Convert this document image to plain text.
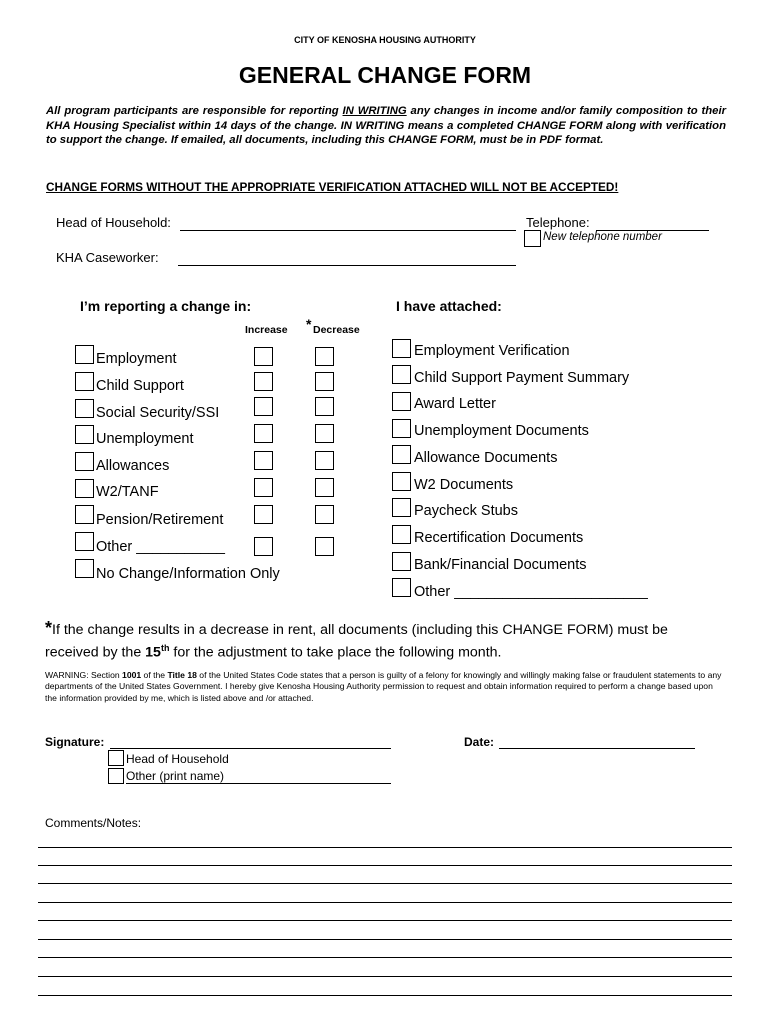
CITY OF KENOSHA HOUSING AUTHORITY
GENERAL CHANGE FORM
All program participants are responsible for reporting IN WRITING any changes in income and/or family composition to their KHA Housing Specialist within 14 days of the change. IN WRITING means a completed CHANGE FORM along with verification to support the change. If emailed, all documents, including this CHANGE FORM, must be in PDF format.
CHANGE FORMS WITHOUT THE APPROPRIATE VERIFICATION ATTACHED WILL NOT BE ACCEPTED!
Head of Household:	Telephone:
New telephone number
KHA Caseworker:
I’m reporting a change in:	I have attached:
Increase * Decrease
Employment
Child Support
Social Security/SSI
Unemployment
Allowances
W2/TANF
Pension/Retirement
Other ___________
No Change/Information Only
Employment Verification
Child Support Payment Summary
Award Letter
Unemployment Documents
Allowance Documents
W2 Documents
Paycheck Stubs
Recertification Documents
Bank/Financial Documents
Other ________________________
*If the change results in a decrease in rent, all documents (including this CHANGE FORM) must be
received by the 15th for the adjustment to take place the following month.
WARNING: Section 1001 of the Title 18 of the United States Code states that a person is guilty of a felony for knowingly and willingly making false or fraudulent statements to any departments of the United States Government. I hereby give Kenosha Housing Authority permission to request and obtain information required to perform a change based upon the information provided by me, which is listed above and /or attached.
Signature:	Date:
Head of Household
Other (print name)
Comments/Notes:
